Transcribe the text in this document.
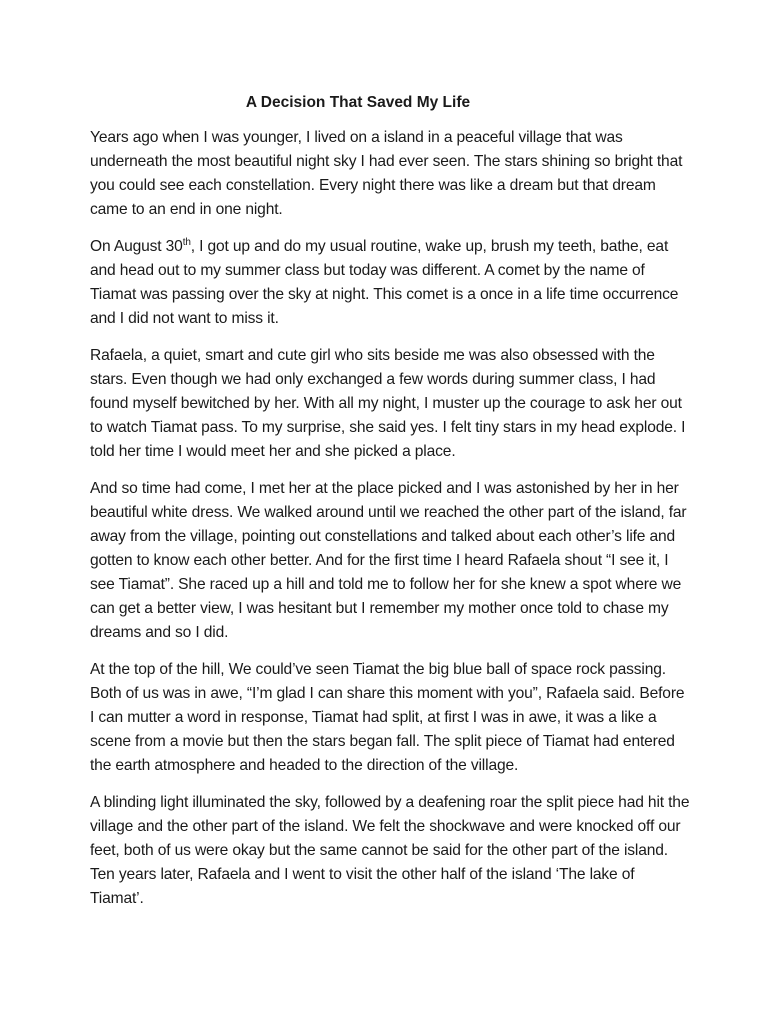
A Decision That Saved My Life

Years ago when I was younger, I lived on a island in a peaceful village that was underneath the most beautiful night sky I had ever seen. The stars shining so bright that you could see each constellation. Every night there was like a dream but that dream came to an end in one night.

On August 30th, I got up and do my usual routine, wake up, brush my teeth, bathe, eat and head out to my summer class but today was different. A comet by the name of Tiamat was passing over the sky at night. This comet is a once in a life time occurrence and I did not want to miss it.

Rafaela, a quiet, smart and cute girl who sits beside me was also obsessed with the stars. Even though we had only exchanged a few words during summer class, I had found myself bewitched by her. With all my night, I muster up the courage to ask her out to watch Tiamat pass. To my surprise, she said yes. I felt tiny stars in my head explode. I told her time I would meet her and she picked a place.

And so time had come, I met her at the place picked and I was astonished by her in her beautiful white dress. We walked around until we reached the other part of the island, far away from the village, pointing out constellations and talked about each other’s life and gotten to know each other better. And for the first time I heard Rafaela shout “I see it, I see Tiamat”. She raced up a hill and told me to follow her for she knew a spot where we can get a better view, I was hesitant but I remember my mother once told to chase my dreams and so I did.

At the top of the hill, We could’ve seen Tiamat the big blue ball of space rock passing. Both of us was in awe, “I’m glad I can share this moment with you”, Rafaela said. Before I can mutter a word in response, Tiamat had split, at first I was in awe, it was a like a scene from a movie but then the stars began fall. The split piece of Tiamat had entered the earth atmosphere and headed to the direction of the village.

A blinding light illuminated the sky, followed by a deafening roar the split piece had hit the village and the other part of the island. We felt the shockwave and were knocked off our feet, both of us were okay but the same cannot be said for the other part of the island. Ten years later, Rafaela and I went to visit the other half of the island ‘The lake of Tiamat’.
